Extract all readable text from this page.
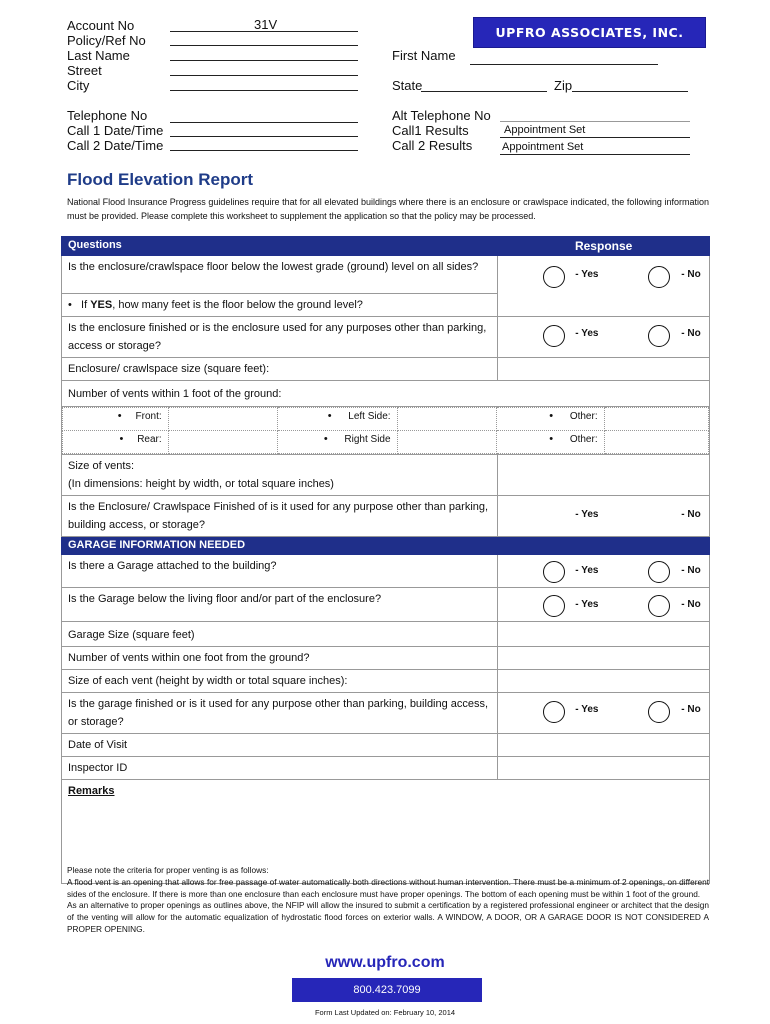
Account No	31V
Policy/Ref No
Last Name
Street
City
First Name
State	Zip
UPFRO ASSOCIATES, INC.
Telephone No
Call 1 Date/Time
Call 2 Date/Time
Alt Telephone No
Call1 Results	Appointment Set
Call 2 Results	Appointment Set
Flood Elevation Report
National Flood Insurance Progress guidelines require that for all elevated buildings where there is an enclosure or crawlspace indicated, the following information must be provided. Please complete this worksheet to supplement the application so that the policy may be processed.
Questions	Response
Is the enclosure/crawlspace floor below the lowest grade (ground) level on all sides?	
- Yes	- No

• If YES, how many feet is the floor below the ground level?
Is the enclosure finished or is the enclosure used for any purposes other than parking, access or storage?	
- Yes	- No

Enclosure/ crawlspace size (square feet):	
Number of vents within 1 foot of the ground:

• Front:		• Left Side:		• Other:	
• Rear:		• Right Side		• Other:	

Size of vents:
(In dimensions: height by width, or total square inches)

Is the Enclosure/ Crawlspace Finished of is it used for any purpose other than parking, building access, or storage?	
- Yes	- No

GARAGE INFORMATION NEEDED
Is there a Garage attached to the building?	- Yes	- No

Is the Garage below the living floor and/or part of the enclosure?	- Yes	- No

Garage Size (square feet)	
Number of vents within one foot from the ground?	
Size of each vent (height by width or total square inches):	
Is the garage finished or is it used for any purpose other than parking, building access, or storage?	
- Yes	- No

Date of Visit	
Inspector ID	
Remarks
Please note the criteria for proper venting is as follows:
A flood vent is an opening that allows for free passage of water automatically both directions without human intervention. There must be a minimum of 2 openings, on different sides of the enclosure. If there is more than one enclosure than each enclosure must have proper openings. The bottom of each opening must be within 1 foot of the ground.
As an alternative to proper openings as outlines above, the NFIP will allow the insured to submit a certification by a registered professional engineer or architect that the design of the venting will allow for the automatic equalization of hydrostatic flood forces on exterior walls. A WINDOW, A DOOR, OR A GARAGE DOOR IS NOT CONSIDERED A PROPER OPENING.
www.upfro.com
800.423.7099
Form Last Updated on: February 10, 2014
